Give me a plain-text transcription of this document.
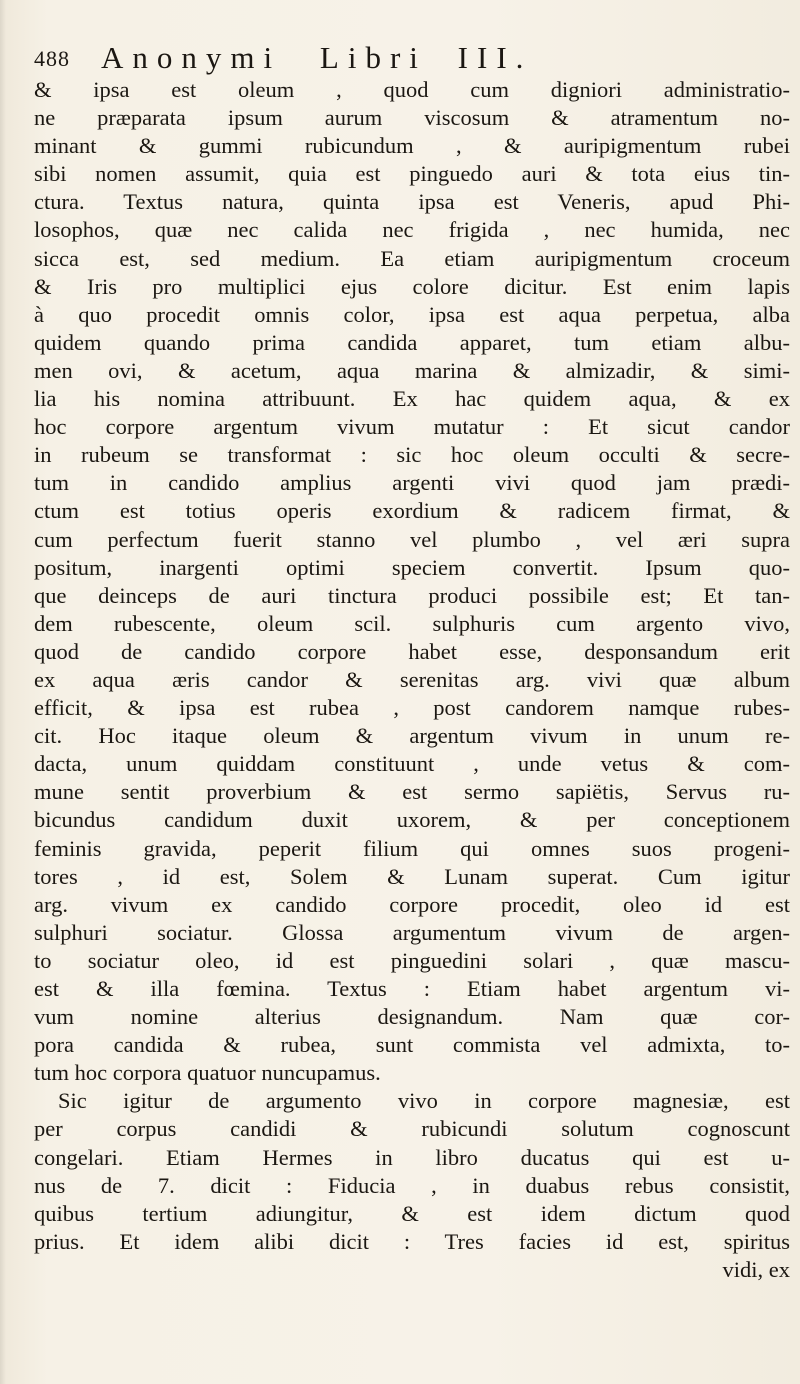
488 Anonymi Libri III.
& ipsa est oleum , quod cum digniori administratio-
ne præparata ipsum aurum viscosum & atramentum no-
minant & gummi rubicundum , & auripigmentum rubei
sibi nomen assumit, quia est pinguedo auri & tota eius tin-
ctura. Textus natura, quinta ipsa est Veneris, apud Phi-
losophos, quæ nec calida nec frigida , nec humida, nec
sicca est, sed medium. Ea etiam auripigmentum croceum
& Iris pro multiplici ejus colore dicitur. Est enim lapis
à quo procedit omnis color, ipsa est aqua perpetua, alba
quidem quando prima candida apparet, tum etiam albu-
men ovi, & acetum, aqua marina & almizadir, & simi-
lia his nomina attribuunt. Ex hac quidem aqua, & ex
hoc corpore argentum vivum mutatur : Et sicut candor
in rubeum se transformat : sic hoc oleum occulti & secre-
tum in candido amplius argenti vivi quod jam prædi-
ctum est totius operis exordium & radicem firmat, &
cum perfectum fuerit stanno vel plumbo , vel æri supra
positum, inargenti optimi speciem convertit. Ipsum quo-
que deinceps de auri tinctura produci possibile est; Et tan-
dem rubescente, oleum scil. sulphuris cum argento vivo,
quod de candido corpore habet esse, desponsandum erit
ex aqua æris candor & serenitas arg. vivi quæ album
efficit, & ipsa est rubea , post candorem namque rubes-
cit. Hoc itaque oleum & argentum vivum in unum re-
dacta, unum quiddam constituunt , unde vetus & com-
mune sentit proverbium & est sermo sapiëtis, Servus ru-
bicundus candidum duxit uxorem, & per conceptionem
feminis gravida, peperit filium qui omnes suos progeni-
tores , id est, Solem & Lunam superat. Cum igitur
arg. vivum ex candido corpore procedit, oleo id est
sulphuri sociatur. Glossa argumentum vivum de argen-
to sociatur oleo, id est pinguedini solari , quæ mascu-
est & illa fœmina. Textus : Etiam habet argentum vi-
vum nomine alterius designandum. Nam quæ cor-
pora candida & rubea, sunt commista vel admixta, to-
tum hoc corpora quatuor nuncupamus.
Sic igitur de argumento vivo in corpore magnesiæ, est
per corpus candidi & rubicundi solutum cognoscunt
congelari. Etiam Hermes in libro ducatus qui est u-
nus de 7. dicit : Fiducia , in duabus rebus consistit,
quibus tertium adiungitur, & est idem dictum quod
prius. Et idem alibi dicit : Tres facies id est, spiritus
vidi, ex
